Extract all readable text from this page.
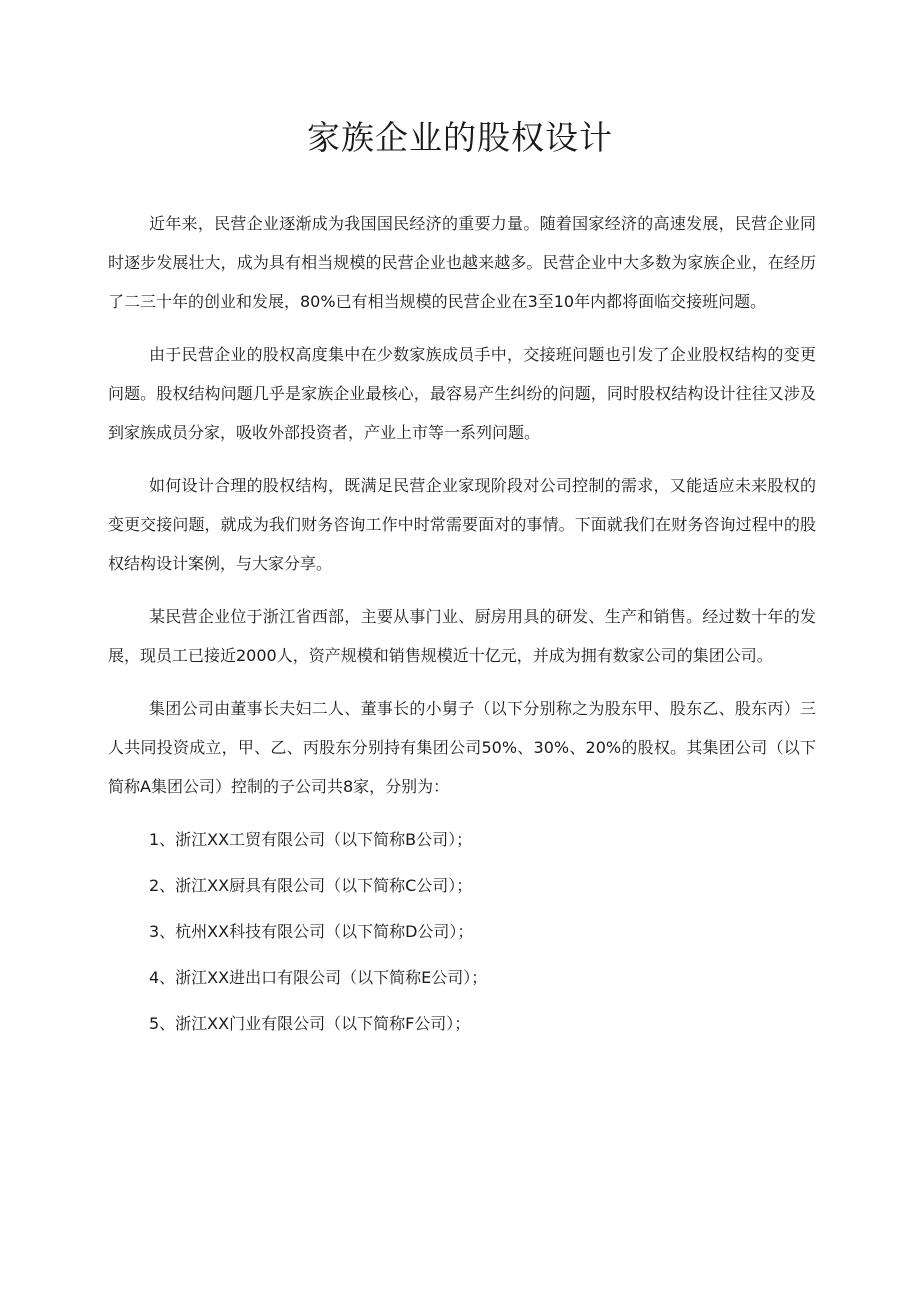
家族企业的股权设计

近年来，民营企业逐渐成为我国国民经济的重要力量。随着国家经济的高速发展，民营企业同时逐步发展壮大，成为具有相当规模的民营企业也越来越多。民营企业中大多数为家族企业，在经历了二三十年的创业和发展，80%已有相当规模的民营企业在3至10年内都将面临交接班问题。

由于民营企业的股权高度集中在少数家族成员手中，交接班问题也引发了企业股权结构的变更问题。股权结构问题几乎是家族企业最核心，最容易产生纠纷的问题，同时股权结构设计往往又涉及到家族成员分家，吸收外部投资者，产业上市等一系列问题。

如何设计合理的股权结构，既满足民营企业家现阶段对公司控制的需求，又能适应未来股权的变更交接问题，就成为我们财务咨询工作中时常需要面对的事情。下面就我们在财务咨询过程中的股权结构设计案例，与大家分享。

某民营企业位于浙江省西部，主要从事门业、厨房用具的研发、生产和销售。经过数十年的发展，现员工已接近2000人，资产规模和销售规模近十亿元，并成为拥有数家公司的集团公司。

集团公司由董事长夫妇二人、董事长的小舅子（以下分别称之为股东甲、股东乙、股东丙）三人共同投资成立，甲、乙、丙股东分别持有集团公司50%、30%、20%的股权。其集团公司（以下简称A集团公司）控制的子公司共8家，分别为：

1、浙江XX工贸有限公司（以下简称B公司）；
2、浙江XX厨具有限公司（以下简称C公司）；
3、杭州XX科技有限公司（以下简称D公司）；
4、浙江XX进出口有限公司（以下简称E公司）；
5、浙江XX门业有限公司（以下简称F公司）；
